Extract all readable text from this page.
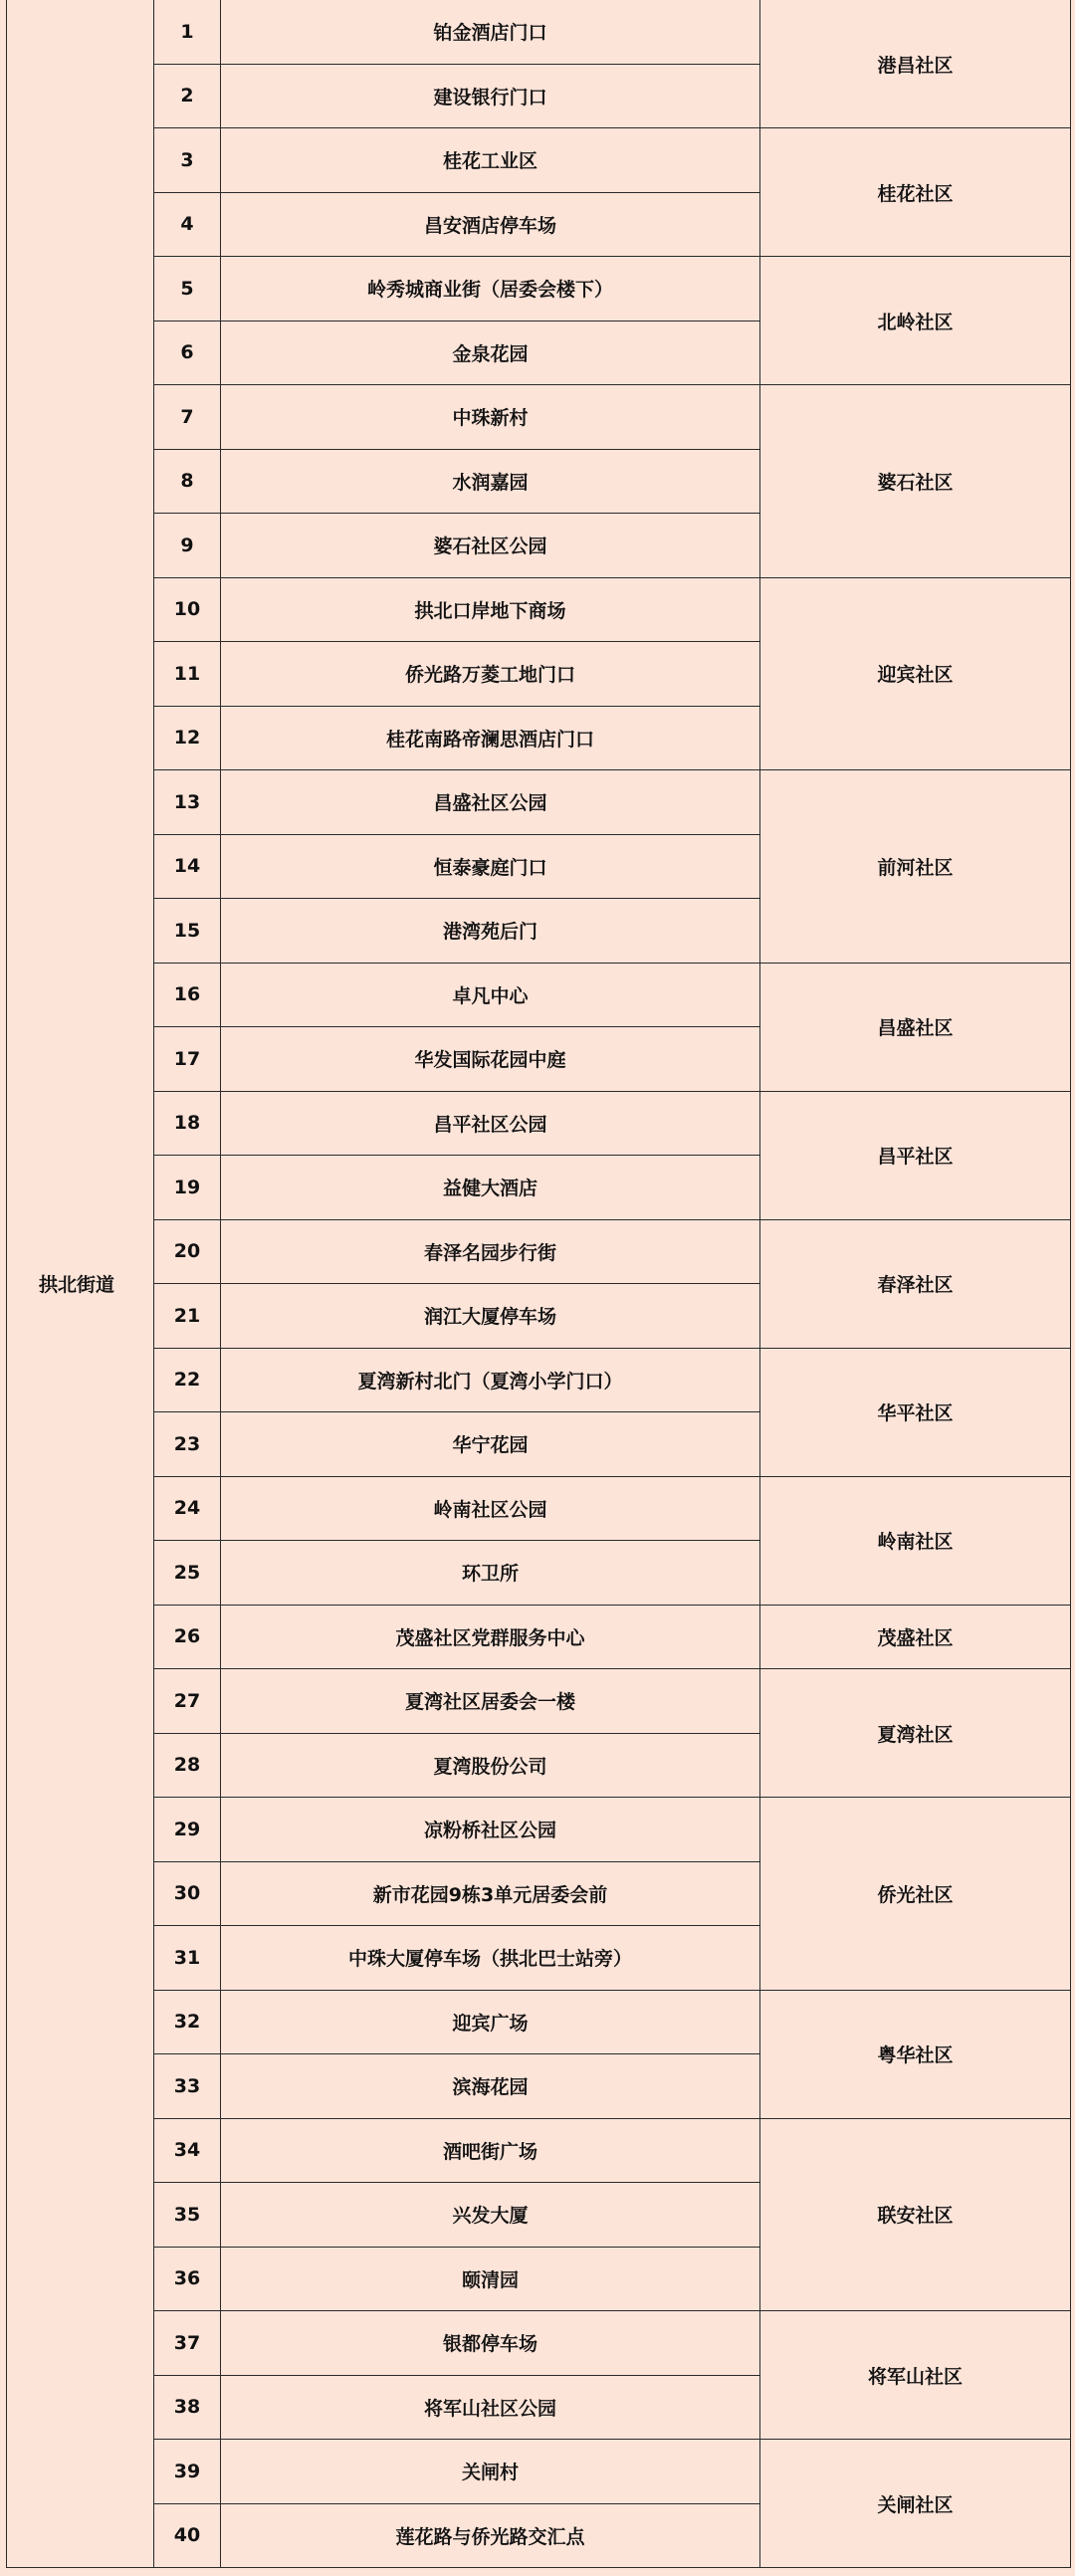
拱北街道	1	铂金酒店门口	港昌社区
	2	建设银行门口	
	3	桂花工业区	桂花社区
	4	昌安酒店停车场	
	5	岭秀城商业街（居委会楼下）	北岭社区
	6	金泉花园	
	7	中珠新村	婆石社区
	8	水润嘉园	
	9	婆石社区公园	
	10	拱北口岸地下商场	迎宾社区
	11	侨光路万菱工地门口	
	12	桂花南路帝澜思酒店门口	
	13	昌盛社区公园	前河社区
	14	恒泰豪庭门口	
	15	港湾苑后门	
	16	卓凡中心	昌盛社区
	17	华发国际花园中庭	
	18	昌平社区公园	昌平社区
	19	益健大酒店	
	20	春泽名园步行街	春泽社区
	21	润江大厦停车场	
	22	夏湾新村北门（夏湾小学门口）	华平社区
	23	华宁花园	
	24	岭南社区公园	岭南社区
	25	环卫所	
	26	茂盛社区党群服务中心	茂盛社区
	27	夏湾社区居委会一楼	夏湾社区
	28	夏湾股份公司	
	29	凉粉桥社区公园	侨光社区
	30	新市花园9栋3单元居委会前	
	31	中珠大厦停车场（拱北巴士站旁）	
	32	迎宾广场	粤华社区
	33	滨海花园	
	34	酒吧街广场	联安社区
	35	兴发大厦	
	36	颐清园	
	37	银都停车场	将军山社区
	38	将军山社区公园	
	39	关闸村	关闸社区
	40	莲花路与侨光路交汇点	
